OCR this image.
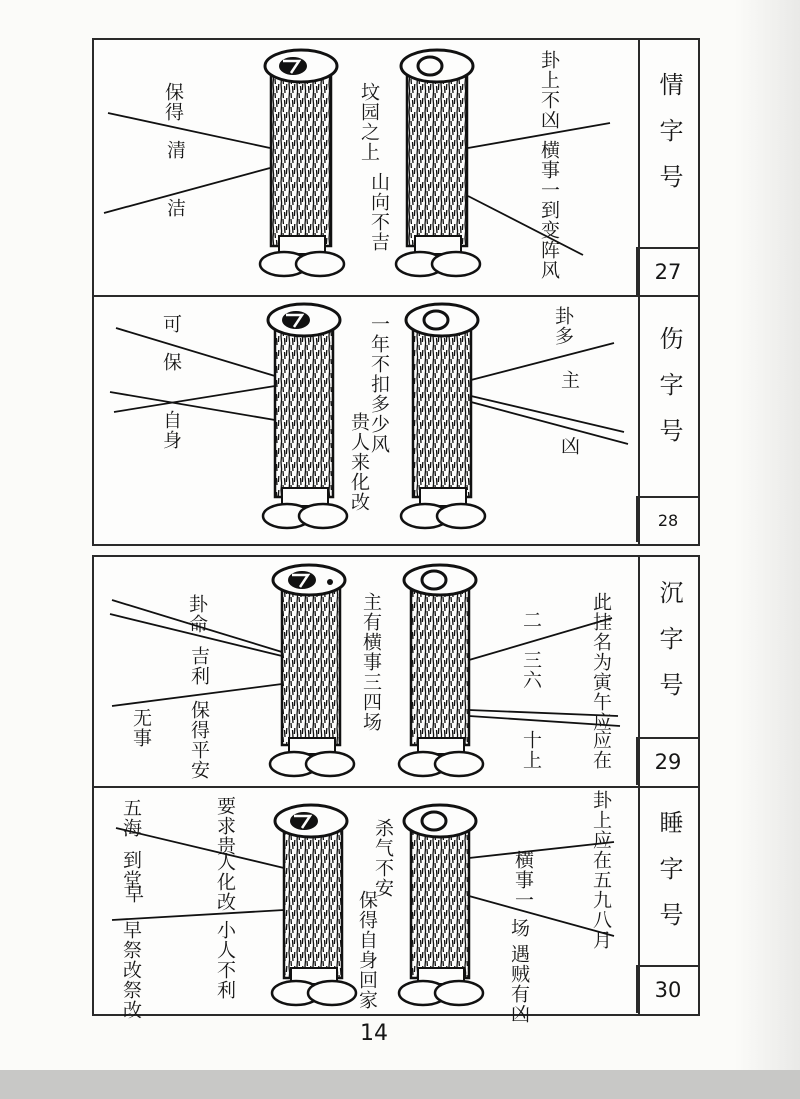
27
28
29
30
情字号
伤字号
沉字号
睡字号
卦上不凶
横事一到变
阵风
坟园之上
山向不吉
保得
清
洁
卦多
主
凶
一年不扣多少风
贵人来化改
可
保
自身
此挂名为寅午应
应在
二
三六
十上
主有横事三四场
卦命
吉利
保得平安
无事
卦上应
在五九八月
横事一
场
遇贼有凶
杀气不安
保得自身回家
要求贵
人化改
小人不利
五海
到堂
早
早祭改祭改
14
